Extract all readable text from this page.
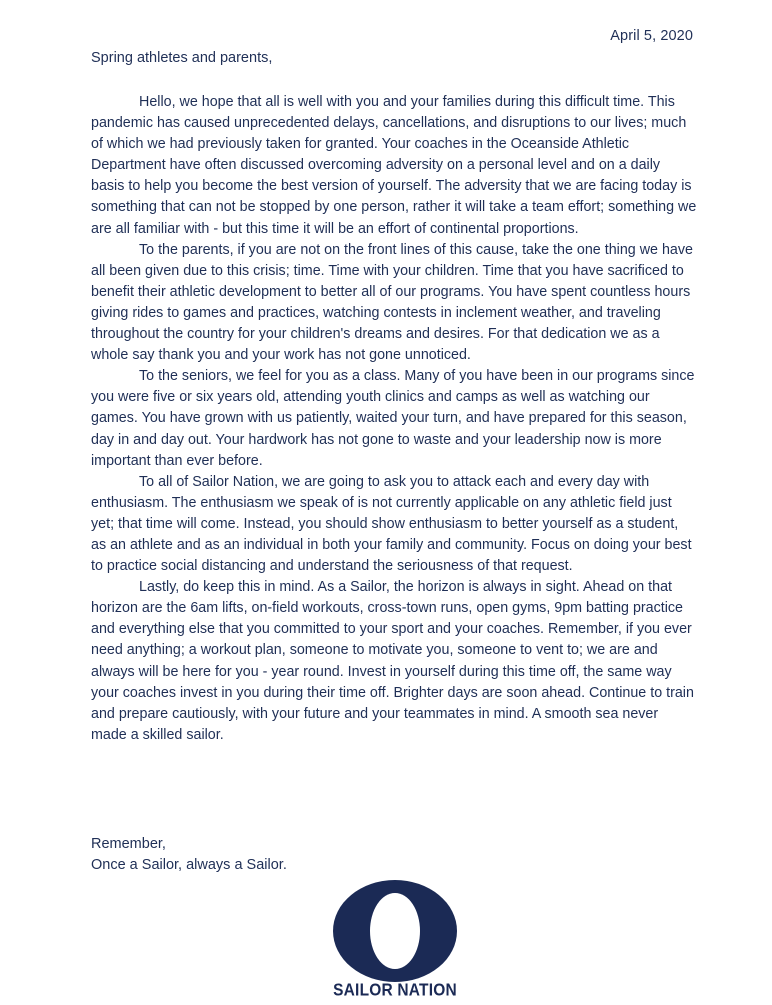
April 5, 2020
Spring athletes and parents,

Hello, we hope that all is well with you and your families during this difficult time. This pandemic has caused unprecedented delays, cancellations, and disruptions to our lives; much of which we had previously taken for granted. Your coaches in the Oceanside Athletic Department have often discussed overcoming adversity on a personal level and on a daily basis to help you become the best version of yourself. The adversity that we are facing today is something that can not be stopped by one person, rather it will take a team effort; something we are all familiar with - but this time it will be an effort of continental proportions.

To the parents, if you are not on the front lines of this cause, take the one thing we have all been given due to this crisis; time. Time with your children. Time that you have sacrificed to benefit their athletic development to better all of our programs. You have spent countless hours giving rides to games and practices, watching contests in inclement weather, and traveling throughout the country for your children's dreams and desires. For that dedication we as a whole say thank you and your work has not gone unnoticed.

To the seniors, we feel for you as a class. Many of you have been in our programs since you were five or six years old, attending youth clinics and camps as well as watching our games. You have grown with us patiently, waited your turn, and have prepared for this season, day in and day out. Your hardwork has not gone to waste and your leadership now is more important than ever before.

To all of Sailor Nation, we are going to ask you to attack each and every day with enthusiasm. The enthusiasm we speak of is not currently applicable on any athletic field just yet; that time will come. Instead, you should show enthusiasm to better yourself as a student, as an athlete and as an individual in both your family and community. Focus on doing your best to practice social distancing and understand the seriousness of that request.

Lastly, do keep this in mind. As a Sailor, the horizon is always in sight. Ahead on that horizon are the 6am lifts, on-field workouts, cross-town runs, open gyms, 9pm batting practice and everything else that you committed to your sport and your coaches. Remember, if you ever need anything; a workout plan, someone to motivate you, someone to vent to; we are and always will be here for you - year round. Invest in yourself during this time off, the same way your coaches invest in you during their time off. Brighter days are soon ahead. Continue to train and prepare cautiously, with your future and your teammates in mind. A smooth sea never made a skilled sailor.

Remember,
Once a Sailor, always a Sailor.
SAILOR NATION
